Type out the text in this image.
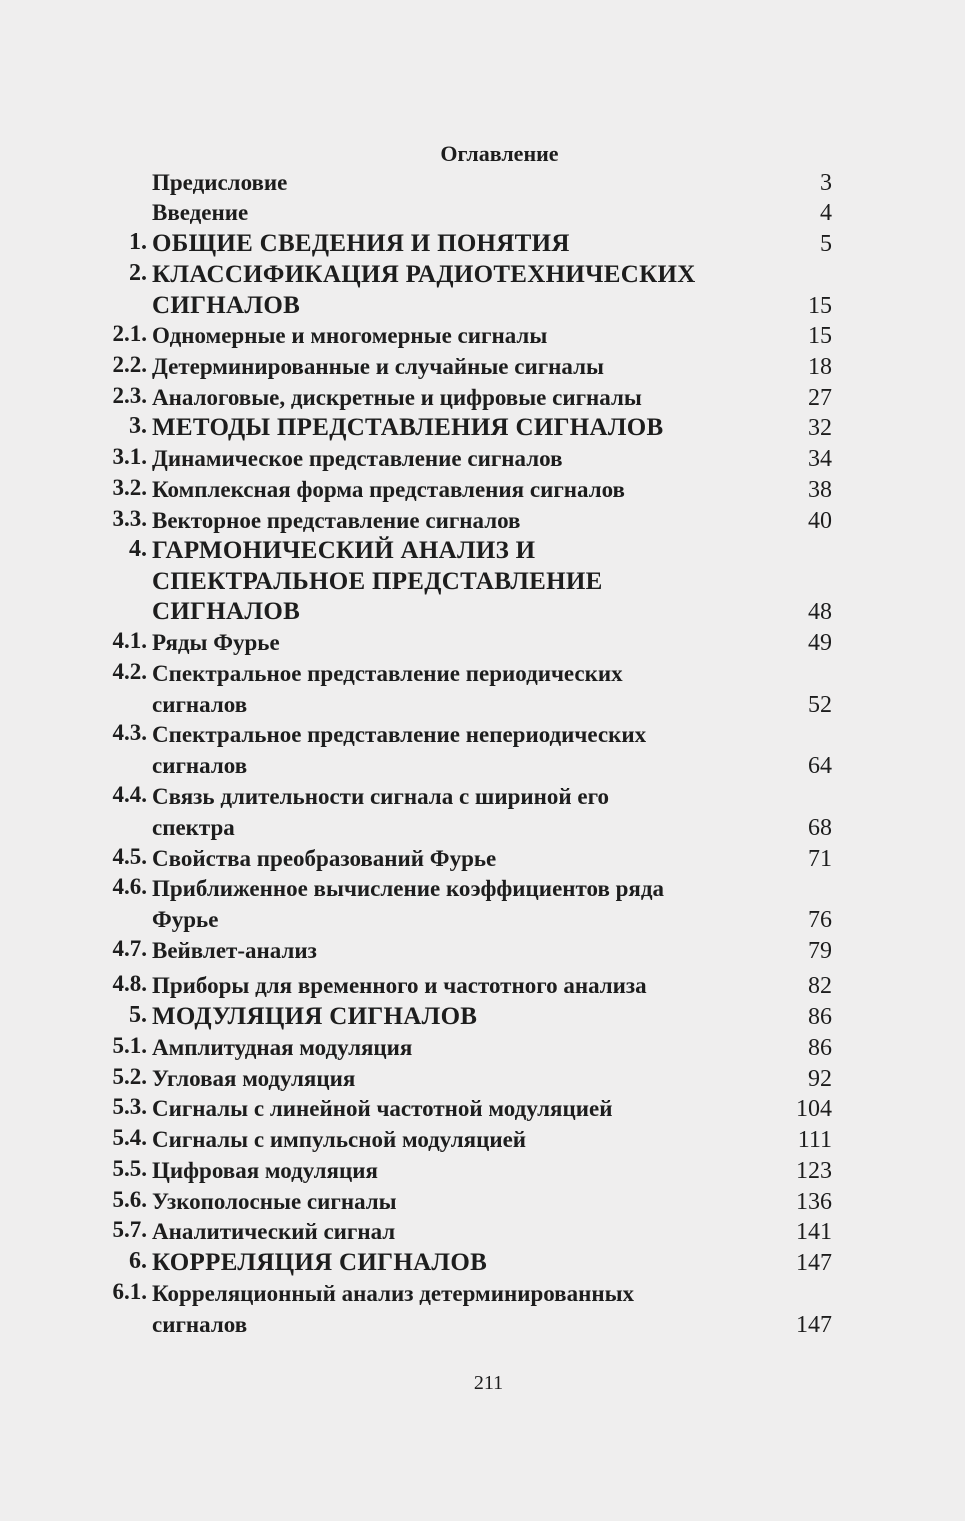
Оглавление
Предисловие	3
Введение	4
1. ОБЩИЕ СВЕДЕНИЯ И ПОНЯТИЯ	5
2. КЛАССИФИКАЦИЯ РАДИОТЕХНИЧЕСКИХ
СИГНАЛОВ	15
2.1. Одномерные и многомерные сигналы	15
2.2. Детерминированные и случайные сигналы	18
2.3. Аналоговые, дискретные и цифровые сигналы	27
3. МЕТОДЫ ПРЕДСТАВЛЕНИЯ СИГНАЛОВ	32
3.1. Динамическое представление сигналов	34
3.2. Комплексная форма представления сигналов	38
3.3. Векторное представление сигналов	40
4. ГАРМОНИЧЕСКИЙ АНАЛИЗ И
СПЕКТРАЛЬНОЕ ПРЕДСТАВЛЕНИЕ
СИГНАЛОВ	48
4.1. Ряды Фурье	49
4.2. Спектральное представление периодических
сигналов	52
4.3. Спектральное представление непериодических
сигналов	64
4.4. Связь длительности сигнала с шириной его
спектра	68
4.5. Свойства преобразований Фурье	71
4.6. Приближенное вычисление коэффициентов ряда
Фурье	76
4.7. Вейвлет-анализ	79
4.8. Приборы для временного и частотного анализа	82
5. МОДУЛЯЦИЯ СИГНАЛОВ	86
5.1. Амплитудная модуляция	86
5.2. Угловая модуляция	92
5.3. Сигналы с линейной частотной модуляцией	104
5.4. Сигналы с импульсной модуляцией	111
5.5. Цифровая модуляция	123
5.6. Узкополосные сигналы	136
5.7. Аналитический сигнал	141
6. КОРРЕЛЯЦИЯ СИГНАЛОВ	147
6.1. Корреляционный анализ детерминированных
сигналов	147
211
